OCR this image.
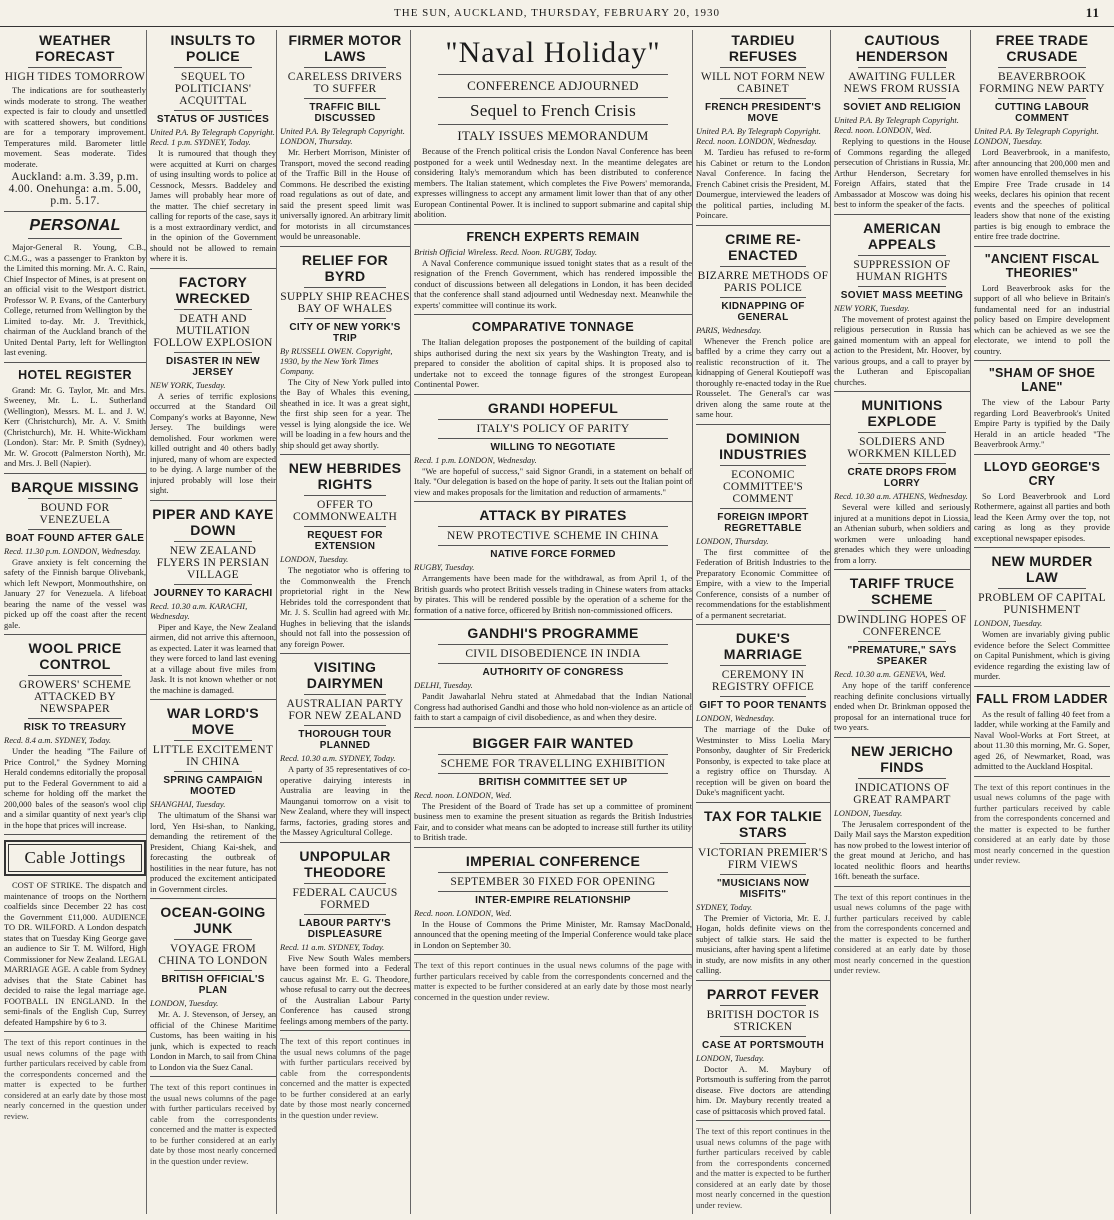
THE SUN, AUCKLAND, THURSDAY, FEBRUARY 20, 1930	11
WEATHER FORECAST
HIGH TIDES TOMORROW

The indications are for southeasterly winds moderate to strong. The weather expected is fair to cloudy and unsettled with scattered showers, but conditions are for a temporary improvement. Temperatures mild. Barometer little movement. Seas moderate. Tides moderate.

Auckland: a.m. 3.39, p.m. 4.00. Onehunga: a.m. 5.00, p.m. 5.17.
PERSONAL

Major-General R. Young, C.B., C.M.G., was a passenger to Frankton by the Limited this morning. Mr. A. C. Rain, Chief Inspector of Mines, is at present on an official visit to the Westport district. Professor W. P. Evans, of the Canterbury College, returned from Wellington by the Limited to-day. Mr. J. Trevithick, chairman of the Auckland branch of the United Dental Party, left for Wellington last evening.

HOTEL REGISTER

Grand: Mr. G. Taylor, Mr. and Mrs. Sweeney, Mr. L. L. Sutherland (Wellington), Messrs. M. L. and J. W. Kerr (Christchurch), Mr. A. V. Smith (Christchurch), Mr. H. White-Wickham (London). Star: Mr. P. Smith (Sydney), Mr. W. Grocott (Palmerston North), Mr. and Mrs. J. Bell (Napier).

BARQUE MISSING
BOUND FOR VENEZUELA
BOAT FOUND AFTER GALE
Recd. 11.30 p.m. LONDON, Wednesday.

Grave anxiety is felt concerning the safety of the Finnish barque Olivebank, which left Newport, Monmouthshire, on January 27 for Venezuela. A lifeboat bearing the name of the vessel was picked up off the coast after the recent gale.

WOOL PRICE CONTROL
GROWERS' SCHEME ATTACKED BY NEWSPAPER
RISK TO TREASURY
Recd. 8.4 a.m. SYDNEY, Today.

Under the heading "The Failure of Price Control," the Sydney Morning Herald condemns editorially the proposal put to the Federal Government to aid a scheme for holding off the market the 200,000 bales of the season's wool clip and a similar quantity of next year's clip in the hope that prices will increase.

Cable Jottings

COST OF STRIKE. The dispatch and maintenance of troops on the Northern coalfields since December 22 has cost the Government £11,000. AUDIENCE TO DR. WILFORD. A London despatch states that on Tuesday King George gave an audience to Sir T. M. Wilford, High Commissioner for New Zealand. LEGAL MARRIAGE AGE. A cable from Sydney advises that the State Cabinet has decided to raise the legal marriage age. FOOTBALL IN ENGLAND. In the semi-finals of the English Cup, Surrey defeated Hampshire by 6 to 3.

The text of this report continues in the usual news columns of the page with further particulars received by cable from the correspondents concerned and the matter is expected to be further considered at an early date by those most nearly concerned in the question under review.
INSULTS TO POLICE
SEQUEL TO POLITICIANS' ACQUITTAL
STATUS OF JUSTICES
United P.A. By Telegraph Copyright. Recd. 1 p.m. SYDNEY, Today.

It is rumoured that though they were acquitted at Kurri on charges of using insulting words to police at Cessnock, Messrs. Baddeley and James will probably hear more of the matter. The chief secretary in calling for reports of the case, says it is a most extraordinary verdict, and in the opinion of the Government should not be allowed to remain where it is.

FACTORY WRECKED
DEATH AND MUTILATION FOLLOW EXPLOSION
DISASTER IN NEW JERSEY
NEW YORK, Tuesday.

A series of terrific explosions occurred at the Standard Oil Company's works at Bayonne, New Jersey. The buildings were demolished. Four workmen were killed outright and 40 others badly injured, many of whom are expected to be dying. A large number of the injured probably will lose their sight.

PIPER AND KAYE DOWN
NEW ZEALAND FLYERS IN PERSIAN VILLAGE
JOURNEY TO KARACHI
Recd. 10.30 a.m. KARACHI, Wednesday.

Piper and Kaye, the New Zealand airmen, did not arrive this afternoon, as expected. Later it was learned that they were forced to land last evening at a village about five miles from Jask. It is not known whether or not the machine is damaged.

WAR LORD'S MOVE
LITTLE EXCITEMENT IN CHINA
SPRING CAMPAIGN MOOTED
SHANGHAI, Tuesday.

The ultimatum of the Shansi war lord, Yen Hsi-shan, to Nanking, demanding the retirement of the President, Chiang Kai-shek, and forecasting the outbreak of hostilities in the near future, has not produced the excitement anticipated in Government circles.

OCEAN-GOING JUNK
VOYAGE FROM CHINA TO LONDON
BRITISH OFFICIAL'S PLAN
LONDON, Tuesday.

Mr. A. J. Stevenson, of Jersey, an official of the Chinese Maritime Customs, has been waiting in his junk, which is expected to reach London in March, to sail from China to London via the Suez Canal.

The text of this report continues in the usual news columns of the page with further particulars received by cable from the correspondents concerned and the matter is expected to be further considered at an early date by those most nearly concerned in the question under review.
FIRMER MOTOR LAWS
CARELESS DRIVERS TO SUFFER
TRAFFIC BILL DISCUSSED
United P.A. By Telegraph Copyright. LONDON, Thursday.

Mr. Herbert Morrison, Minister of Transport, moved the second reading of the Traffic Bill in the House of Commons. He described the existing road regulations as out of date, and said the present speed limit was universally ignored. An arbitrary limit for motorists in all circumstances would be unreasonable.

RELIEF FOR BYRD
SUPPLY SHIP REACHES BAY OF WHALES
CITY OF NEW YORK'S TRIP
By RUSSELL OWEN. Copyright, 1930, by the New York Times Company.

The City of New York pulled into the Bay of Whales this evening, sheathed in ice. It was a great sight, the first ship seen for a year. The vessel is lying alongside the ice. We will be loading in a few hours and the ship should get away shortly.

NEW HEBRIDES RIGHTS
OFFER TO COMMONWEALTH
REQUEST FOR EXTENSION
LONDON, Tuesday.

The negotiator who is offering to the Commonwealth the French proprietorial right in the New Hebrides told the correspondent that Mr. J. S. Scullin had agreed with Mr. Hughes in believing that the islands should not fall into the possession of any foreign Power.

VISITING DAIRYMEN
AUSTRALIAN PARTY FOR NEW ZEALAND
THOROUGH TOUR PLANNED
Recd. 10.30 a.m. SYDNEY, Today.

A party of 35 representatives of co-operative dairying interests in Australia are leaving in the Maunganui tomorrow on a visit to New Zealand, where they will inspect farms, factories, grading stores and the Massey Agricultural College.

UNPOPULAR THEODORE
FEDERAL CAUCUS FORMED
LABOUR PARTY'S DISPLEASURE
Recd. 11 a.m. SYDNEY, Today.

Five New South Wales members have been formed into a Federal caucus against Mr. E. G. Theodore, whose refusal to carry out the decrees of the Australian Labour Party Conference has caused strong feelings among members of the party.

The text of this report continues in the usual news columns of the page with further particulars received by cable from the correspondents concerned and the matter is expected to be further considered at an early date by those most nearly concerned in the question under review.
"Naval Holiday"
CONFERENCE ADJOURNED
Sequel to French Crisis
ITALY ISSUES MEMORANDUM

Because of the French political crisis the London Naval Conference has been postponed for a week until Wednesday next. In the meantime delegates are considering Italy's memorandum which has been distributed to conference members. The Italian statement, which completes the Five Powers' memoranda, expresses willingness to accept any armament limit lower than that of any other European Continental Power. It is inclined to support submarine and capital ship abolition.

FRENCH EXPERTS REMAIN
British Official Wireless. Recd. Noon. RUGBY, Today.

A Naval Conference communique issued tonight states that as a result of the resignation of the French Government, which has rendered impossible the conduct of discussions between all delegations in London, it has been decided that the conference shall stand adjourned until Wednesday next. Meanwhile the experts' committee will continue its work.

COMPARATIVE TONNAGE

The Italian delegation proposes the postponement of the building of capital ships authorised during the next six years by the Washington Treaty, and is prepared to consider the abolition of capital ships. It is proposed also to undertake not to exceed the tonnage figures of the strongest European Continental Power.

GRANDI HOPEFUL
ITALY'S POLICY OF PARITY
WILLING TO NEGOTIATE
Recd. 1 p.m. LONDON, Wednesday.

"We are hopeful of success," said Signor Grandi, in a statement on behalf of Italy. "Our delegation is based on the hope of parity. It sets out the Italian point of view and makes proposals for the limitation and reduction of armaments."

ATTACK BY PIRATES
NEW PROTECTIVE SCHEME IN CHINA
NATIVE FORCE FORMED
RUGBY, Tuesday.

Arrangements have been made for the withdrawal, as from April 1, of the British guards who protect British vessels trading in Chinese waters from attacks by pirates. This will be rendered possible by the operation of a scheme for the formation of a native force, officered by British non-commissioned officers.

GANDHI'S PROGRAMME
CIVIL DISOBEDIENCE IN INDIA
AUTHORITY OF CONGRESS
DELHI, Tuesday.

Pandit Jawaharlal Nehru stated at Ahmedabad that the Indian National Congress had authorised Gandhi and those who hold non-violence as an article of faith to start a campaign of civil disobedience, as and when they desire.

BIGGER FAIR WANTED
SCHEME FOR TRAVELLING EXHIBITION
BRITISH COMMITTEE SET UP
Recd. noon. LONDON, Wed.

The President of the Board of Trade has set up a committee of prominent business men to examine the present situation as regards the British Industries Fair, and to consider what means can be adopted to increase still further its utility to British trade.

IMPERIAL CONFERENCE
SEPTEMBER 30 FIXED FOR OPENING
INTER-EMPIRE RELATIONSHIP
Recd. noon. LONDON, Wed.

In the House of Commons the Prime Minister, Mr. Ramsay MacDonald, announced that the opening meeting of the Imperial Conference would take place in London on September 30.

The text of this report continues in the usual news columns of the page with further particulars received by cable from the correspondents concerned and the matter is expected to be further considered at an early date by those most nearly concerned in the question under review.
TARDIEU REFUSES
WILL NOT FORM NEW CABINET
FRENCH PRESIDENT'S MOVE
United P.A. By Telegraph Copyright. Recd. noon. LONDON, Wednesday.

M. Tardieu has refused to re-form his Cabinet or return to the London Naval Conference. In facing the French Cabinet crisis the President, M. Doumergue, interviewed the leaders of the political parties, including M. Poincare.

CRIME RE-ENACTED
BIZARRE METHODS OF PARIS POLICE
KIDNAPPING OF GENERAL
PARIS, Wednesday.

Whenever the French police are baffled by a crime they carry out a realistic reconstruction of it. The kidnapping of General Koutiepoff was thoroughly re-enacted today in the Rue Rousselet. The General's car was driven along the same route at the same hour.

DOMINION INDUSTRIES
ECONOMIC COMMITTEE'S COMMENT
FOREIGN IMPORT REGRETTABLE
LONDON, Thursday.

The first committee of the Federation of British Industries to the Preparatory Economic Committee of Empire, with a view to the Imperial Conference, consists of a number of recommendations for the establishment of a permanent secretariat.

DUKE'S MARRIAGE
CEREMONY IN REGISTRY OFFICE
GIFT TO POOR TENANTS
LONDON, Wednesday.

The marriage of the Duke of Westminster to Miss Loelia Mary Ponsonby, daughter of Sir Frederick Ponsonby, is expected to take place at a registry office on Thursday. A reception will be given on board the Duke's magnificent yacht.

TAX FOR TALKIE STARS
VICTORIAN PREMIER'S FIRM VIEWS
"MUSICIANS NOW MISFITS"
SYDNEY, Today.

The Premier of Victoria, Mr. E. J. Hogan, holds definite views on the subject of talkie stars. He said the musicians, after having spent a lifetime in study, are now misfits in any other calling.

PARROT FEVER
BRITISH DOCTOR IS STRICKEN
CASE AT PORTSMOUTH
LONDON, Tuesday.

Doctor A. M. Maybury of Portsmouth is suffering from the parrot disease. Five doctors are attending him. Dr. Maybury recently treated a case of psittacosis which proved fatal.

The text of this report continues in the usual news columns of the page with further particulars received by cable from the correspondents concerned and the matter is expected to be further considered at an early date by those most nearly concerned in the question under review.
CAUTIOUS HENDERSON
AWAITING FULLER NEWS FROM RUSSIA
SOVIET AND RELIGION
United P.A. By Telegraph Copyright. Recd. noon. LONDON, Wed.

Replying to questions in the House of Commons regarding the alleged persecution of Christians in Russia, Mr. Arthur Henderson, Secretary for Foreign Affairs, stated that the Ambassador at Moscow was doing his best to inform the speaker of the facts.

AMERICAN APPEALS
SUPPRESSION OF HUMAN RIGHTS
SOVIET MASS MEETING
NEW YORK, Tuesday.

The movement of protest against the religious persecution in Russia has gained momentum with an appeal for action to the President, Mr. Hoover, by various groups, and a call to prayer by the Lutheran and Episcopalian churches.

MUNITIONS EXPLODE
SOLDIERS AND WORKMEN KILLED
CRATE DROPS FROM LORRY
Recd. 10.30 a.m. ATHENS, Wednesday.

Several were killed and seriously injured at a munitions depot in Liossia, an Athenian suburb, when soldiers and workmen were unloading hand grenades which they were unloading from a lorry.

TARIFF TRUCE SCHEME
DWINDLING HOPES OF CONFERENCE
"PREMATURE," SAYS SPEAKER
Recd. 10.30 a.m. GENEVA, Wed.

Any hope of the tariff conference reaching definite conclusions virtually ended when Dr. Brinkman opposed the proposal for an international truce for two years.

NEW JERICHO FINDS
INDICATIONS OF GREAT RAMPART
LONDON, Tuesday.

The Jerusalem correspondent of the Daily Mail says the Marston expedition has now probed to the lowest interior of the great mound at Jericho, and has located neolithic floors and hearths 16ft. beneath the surface.

The text of this report continues in the usual news columns of the page with further particulars received by cable from the correspondents concerned and the matter is expected to be further considered at an early date by those most nearly concerned in the question under review.
FREE TRADE CRUSADE
BEAVERBROOK FORMING NEW PARTY
CUTTING LABOUR COMMENT
United P.A. By Telegraph Copyright. LONDON, Tuesday.

Lord Beaverbrook, in a manifesto, after announcing that 200,000 men and women have enrolled themselves in his Empire Free Trade crusade in 14 weeks, declares his opinion that recent events and the speeches of political leaders show that none of the existing parties is big enough to embrace the entire free trade doctrine.

"ANCIENT FISCAL THEORIES"

Lord Beaverbrook asks for the support of all who believe in Britain's fundamental need for an industrial policy based on Empire development which can be achieved as we see the electorate, we intend to poll the country.

"SHAM OF SHOE LANE"

The view of the Labour Party regarding Lord Beaverbrook's United Empire Party is typified by the Daily Herald in an article headed "The Beaverbrook Army."

LLOYD GEORGE'S CRY

So Lord Beaverbrook and Lord Rothermere, against all parties and both lead the Keen Army over the top, not caring as long as they provide exceptional newspaper episodes.

NEW MURDER LAW
PROBLEM OF CAPITAL PUNISHMENT
LONDON, Tuesday.

Women are invariably giving public evidence before the Select Committee on Capital Punishment, which is giving evidence regarding the existing law of murder.

FALL FROM LADDER

As the result of falling 40 feet from a ladder, while working at the Family and Naval Wool-Works at Fort Street, at about 11.30 this morning, Mr. G. Soper, aged 26, of Newmarket, Road, was admitted to the Auckland Hospital.

The text of this report continues in the usual news columns of the page with further particulars received by cable from the correspondents concerned and the matter is expected to be further considered at an early date by those most nearly concerned in the question under review.
